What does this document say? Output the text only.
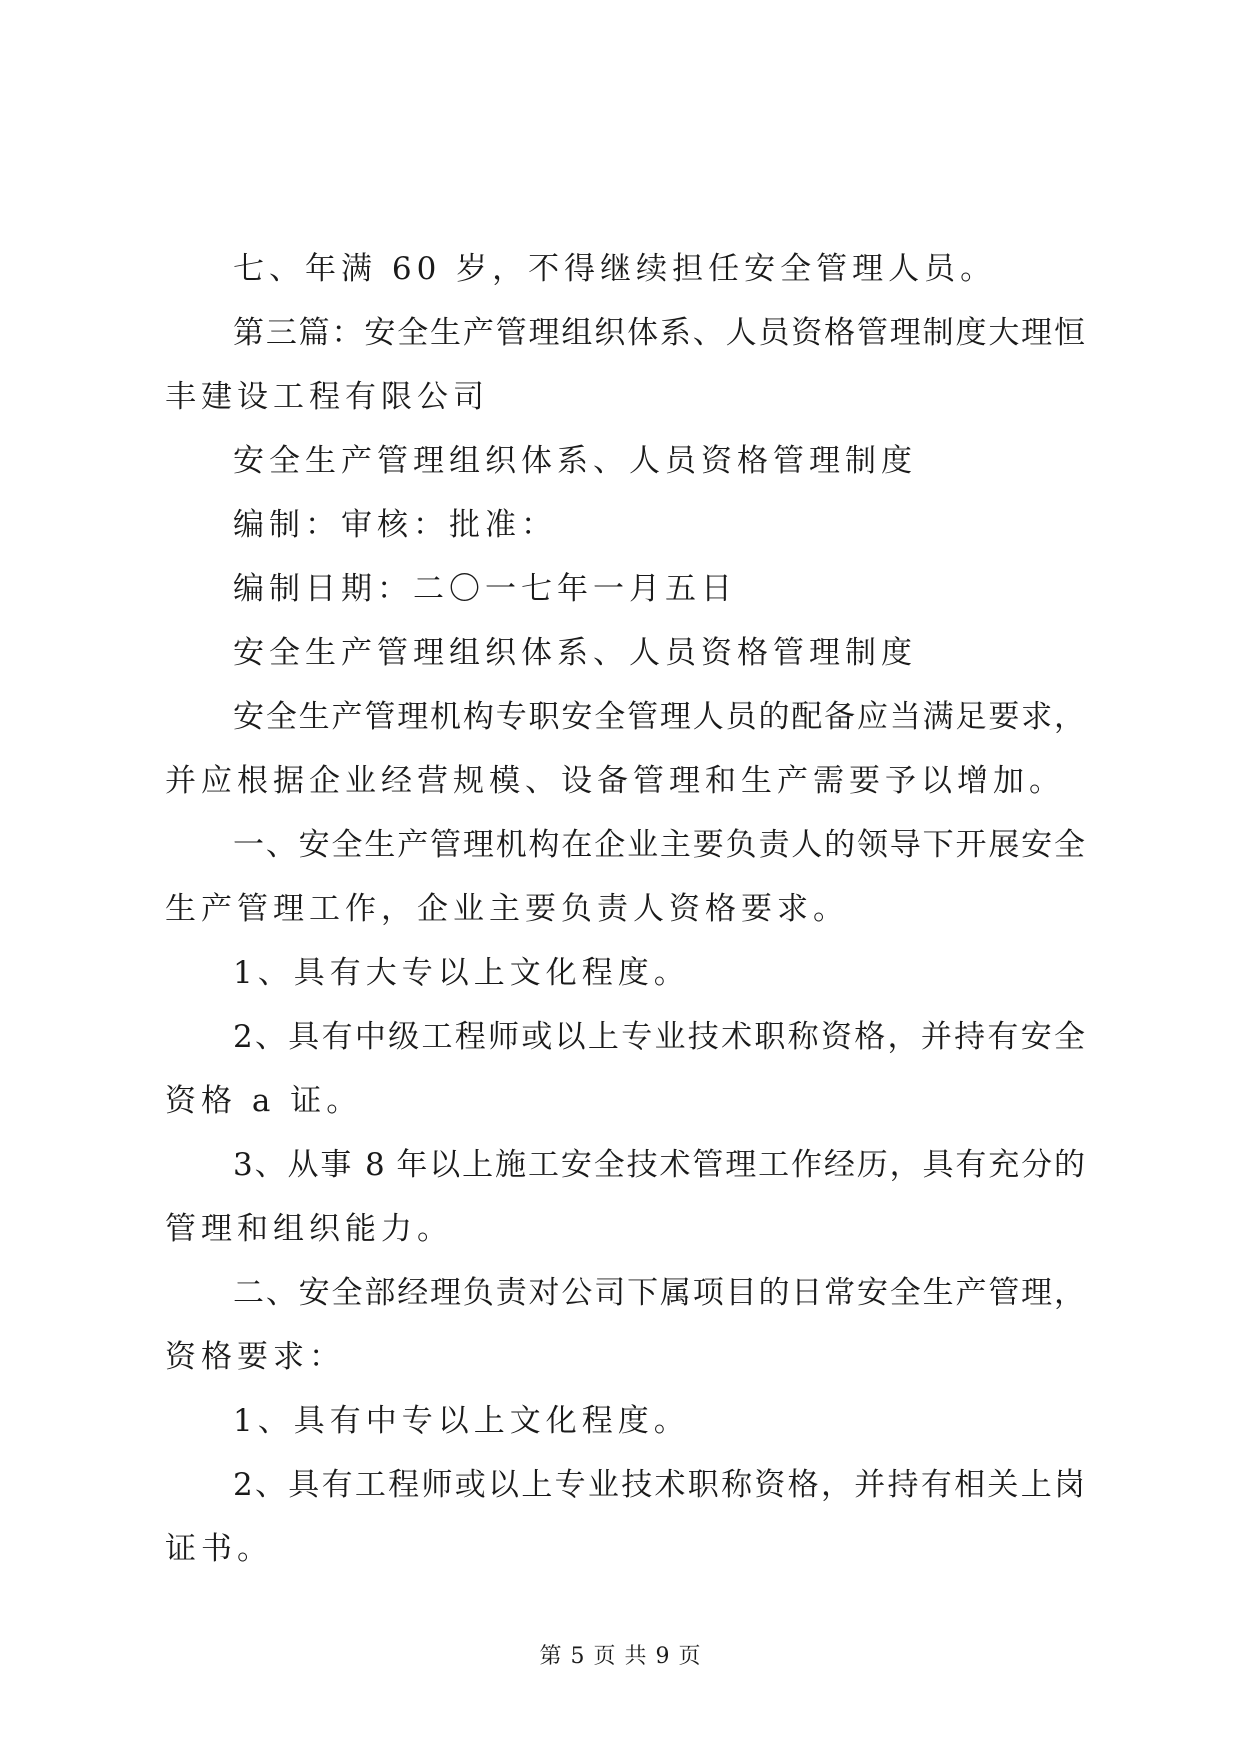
七、年满 60 岁，不得继续担任安全管理人员。
第三篇：安全生产管理组织体系、人员资格管理制度大理恒
丰建设工程有限公司
安全生产管理组织体系、人员资格管理制度
编制：审核：批准：
编制日期：二〇一七年一月五日
安全生产管理组织体系、人员资格管理制度
安全生产管理机构专职安全管理人员的配备应当满足要求，
并应根据企业经营规模、设备管理和生产需要予以增加。
一、安全生产管理机构在企业主要负责人的领导下开展安全
生产管理工作，企业主要负责人资格要求。
1、具有大专以上文化程度。
2、具有中级工程师或以上专业技术职称资格，并持有安全
资格 a 证。
3、从事 8 年以上施工安全技术管理工作经历，具有充分的
管理和组织能力。
二、安全部经理负责对公司下属项目的日常安全生产管理，
资格要求：
1、具有中专以上文化程度。
2、具有工程师或以上专业技术职称资格，并持有相关上岗
证书。
第 5 页 共 9 页
